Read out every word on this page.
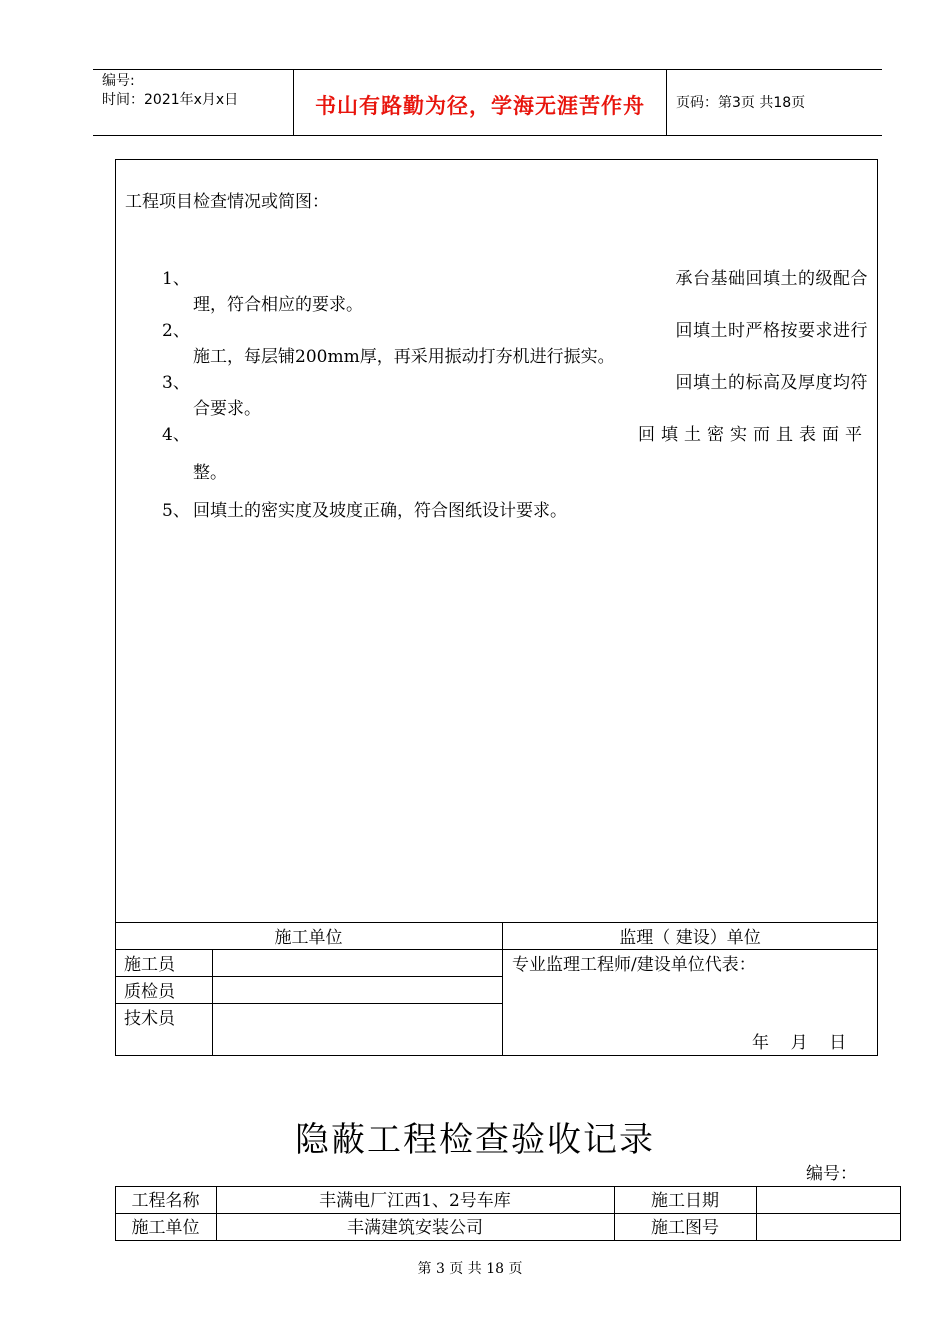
编号:
时间：2021年x月x日	书山有路勤为径，学海无涯苦作舟	页码：第3页 共18页
工程项目检查情况或简图：
1、	承台基础回填土的级配合
理，符合相应的要求。
2、	回填土时严格按要求进行
施工，每层铺200mm厚，再采用振动打夯机进行振实。
3、	回填土的标高及厚度均符
合要求。
4、	回填土密实而且表面平
整。
5、 回填土的密实度及坡度正确，符合图纸设计要求。
施工单位	监理（ 建设）单位
施工员
质检员
技术员
专业监理工程师/建设单位代表：
年    月    日
隐蔽工程检查验收记录
编号：
工程名称	丰满电厂江西1、2号车库	施工日期
施工单位	丰满建筑安装公司	施工图号
第 3 页 共 18 页
